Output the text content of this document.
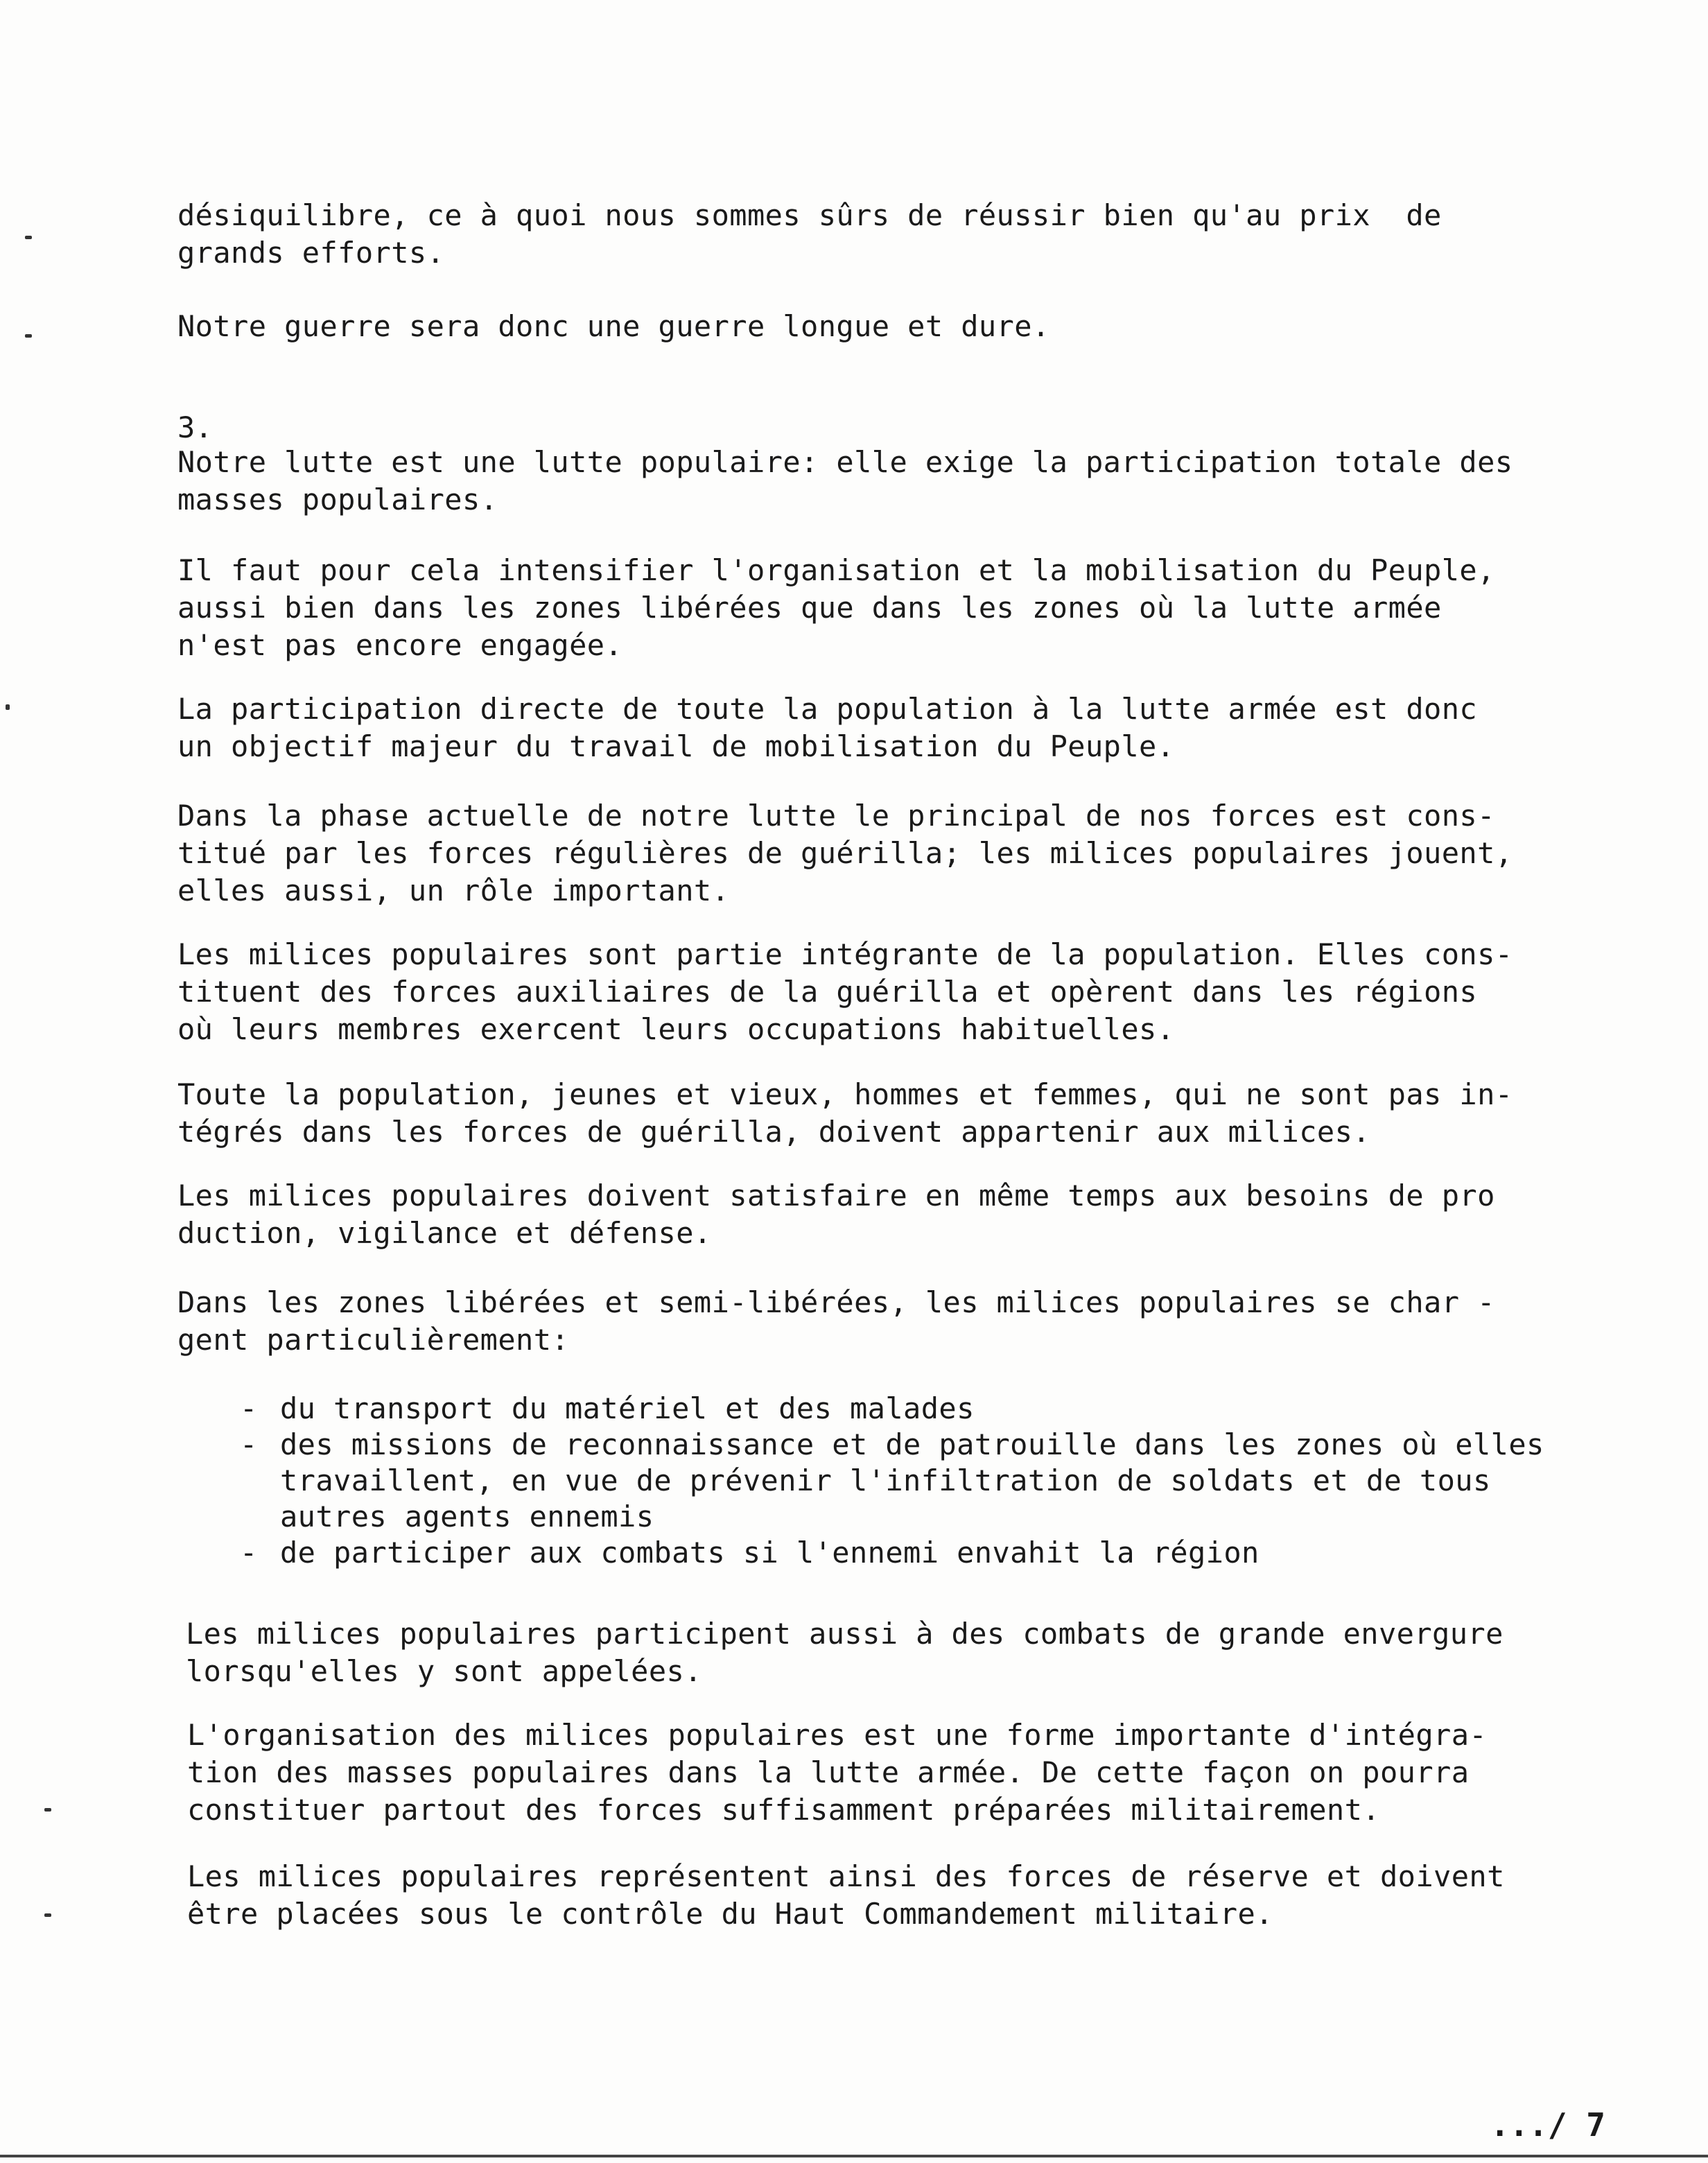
désiquilibre, ce à quoi nous sommes sûrs de réussir bien qu'au prix  de
grands efforts.
Notre guerre sera donc une guerre longue et dure.
3.
Notre lutte est une lutte populaire: elle exige la participation totale des
masses populaires.
Il faut pour cela intensifier l'organisation et la mobilisation du Peuple,
aussi bien dans les zones libérées que dans les zones où la lutte armée
n'est pas encore engagée.
La participation directe de toute la population à la lutte armée est donc
un objectif majeur du travail de mobilisation du Peuple.
Dans la phase actuelle de notre lutte le principal de nos forces est cons-
titué par les forces régulières de guérilla; les milices populaires jouent,
elles aussi, un rôle important.
Les milices populaires sont partie intégrante de la population. Elles cons-
tituent des forces auxiliaires de la guérilla et opèrent dans les régions
où leurs membres exercent leurs occupations habituelles.
Toute la population, jeunes et vieux, hommes et femmes, qui ne sont pas in-
tégrés dans les forces de guérilla, doivent appartenir aux milices.
Les milices populaires doivent satisfaire en même temps aux besoins de pro
duction, vigilance et défense.
Dans les zones libérées et semi-libérées, les milices populaires se char -
gent particulièrement:
- du transport du matériel et des malades
- des missions de reconnaissance et de patrouille dans les zones où elles
travaillent, en vue de prévenir l'infiltration de soldats et de tous
autres agents ennemis
- de participer aux combats si l'ennemi envahit la région
Les milices populaires participent aussi à des combats de grande envergure
lorsqu'elles y sont appelées.
L'organisation des milices populaires est une forme importante d'intégra-
tion des masses populaires dans la lutte armée. De cette façon on pourra
constituer partout des forces suffisamment préparées militairement.
Les milices populaires représentent ainsi des forces de réserve et doivent
être placées sous le contrôle du Haut Commandement militaire.
.../ 7
